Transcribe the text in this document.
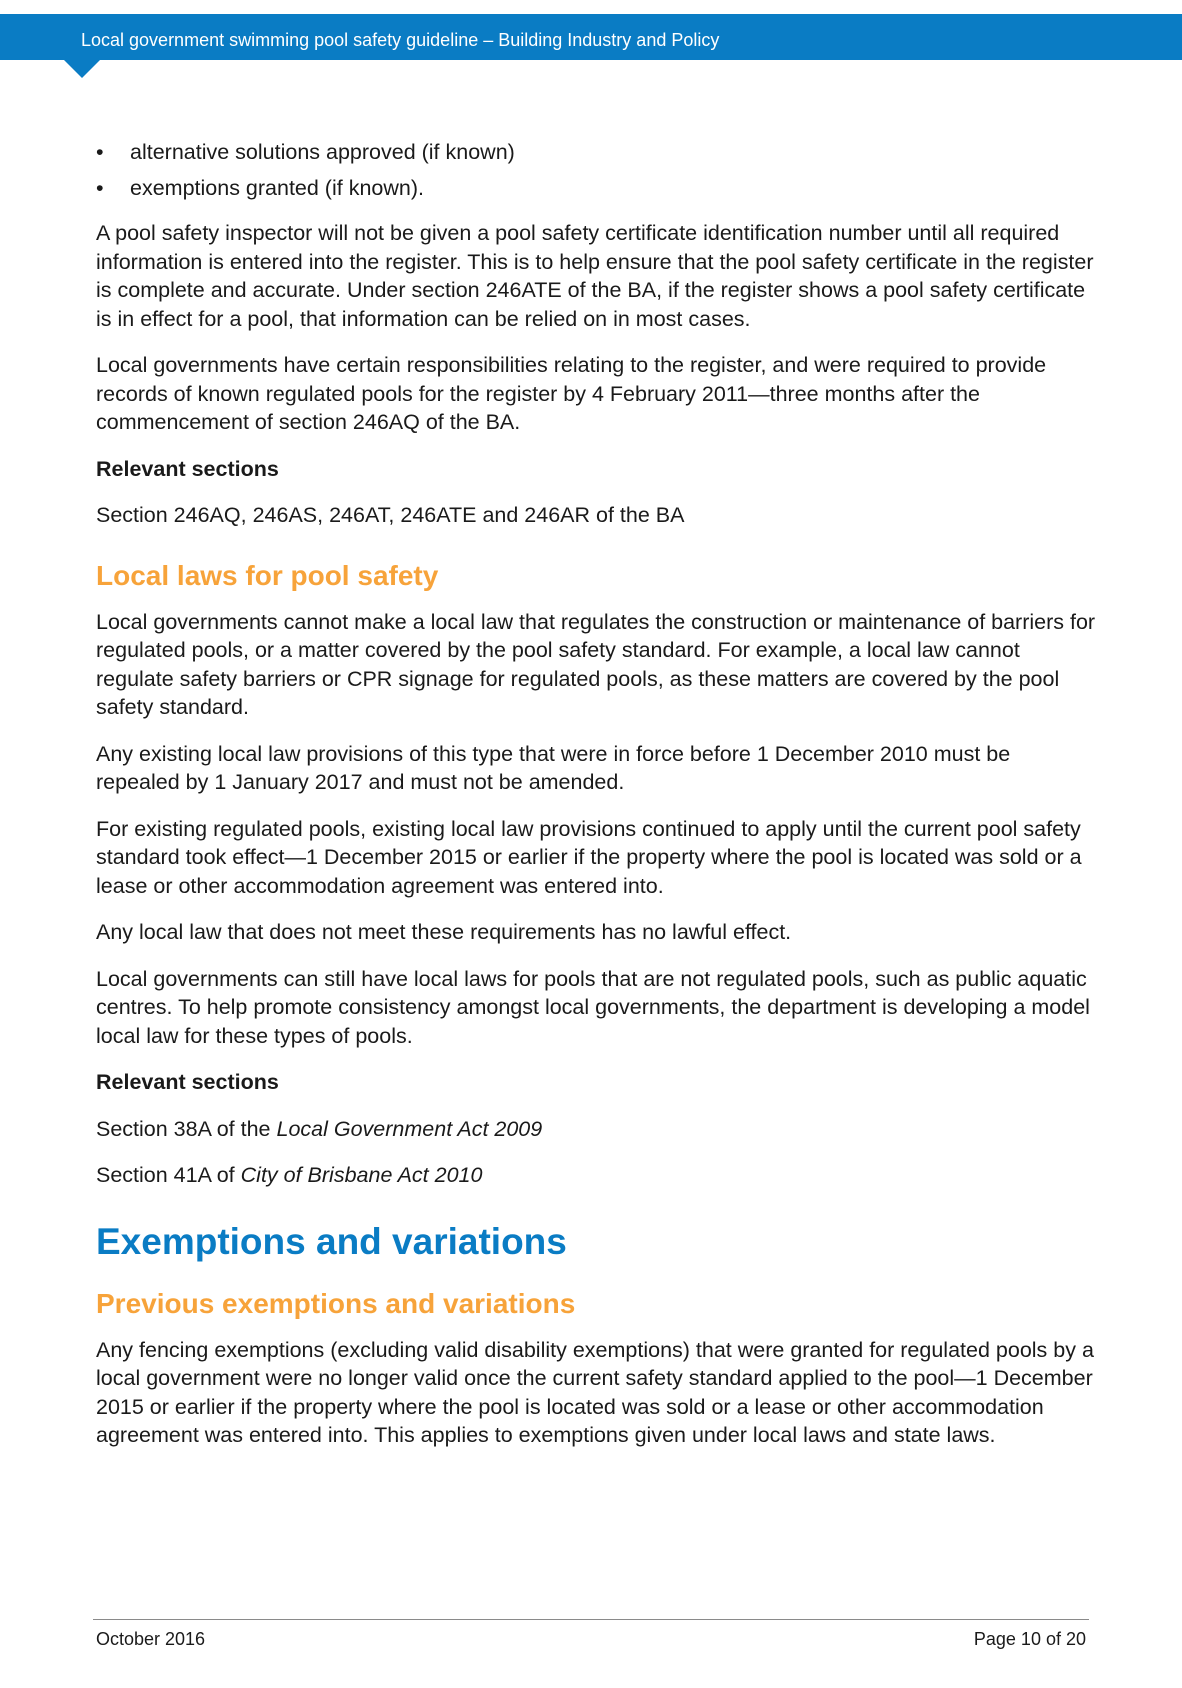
Local government swimming pool safety guideline – Building Industry and Policy
• alternative solutions approved (if known)
• exemptions granted (if known).

A pool safety inspector will not be given a pool safety certificate identification number until all required information is entered into the register. This is to help ensure that the pool safety certificate in the register is complete and accurate. Under section 246ATE of the BA, if the register shows a pool safety certificate is in effect for a pool, that information can be relied on in most cases.

Local governments have certain responsibilities relating to the register, and were required to provide records of known regulated pools for the register by 4 February 2011—three months after the commencement of section 246AQ of the BA.

Relevant sections

Section 246AQ, 246AS, 246AT, 246ATE and 246AR of the BA

Local laws for pool safety

Local governments cannot make a local law that regulates the construction or maintenance of barriers for regulated pools, or a matter covered by the pool safety standard. For example, a local law cannot regulate safety barriers or CPR signage for regulated pools, as these matters are covered by the pool safety standard.

Any existing local law provisions of this type that were in force before 1 December 2010 must be repealed by 1 January 2017 and must not be amended.

For existing regulated pools, existing local law provisions continued to apply until the current pool safety standard took effect—1 December 2015 or earlier if the property where the pool is located was sold or a lease or other accommodation agreement was entered into.

Any local law that does not meet these requirements has no lawful effect.

Local governments can still have local laws for pools that are not regulated pools, such as public aquatic centres. To help promote consistency amongst local governments, the department is developing a model local law for these types of pools.

Relevant sections

Section 38A of the Local Government Act 2009

Section 41A of City of Brisbane Act 2010

Exemptions and variations
Previous exemptions and variations

Any fencing exemptions (excluding valid disability exemptions) that were granted for regulated pools by a local government were no longer valid once the current safety standard applied to the pool—1 December 2015 or earlier if the property where the pool is located was sold or a lease or other accommodation agreement was entered into. This applies to exemptions given under local laws and state laws.

October 2016	Page 10 of 20
